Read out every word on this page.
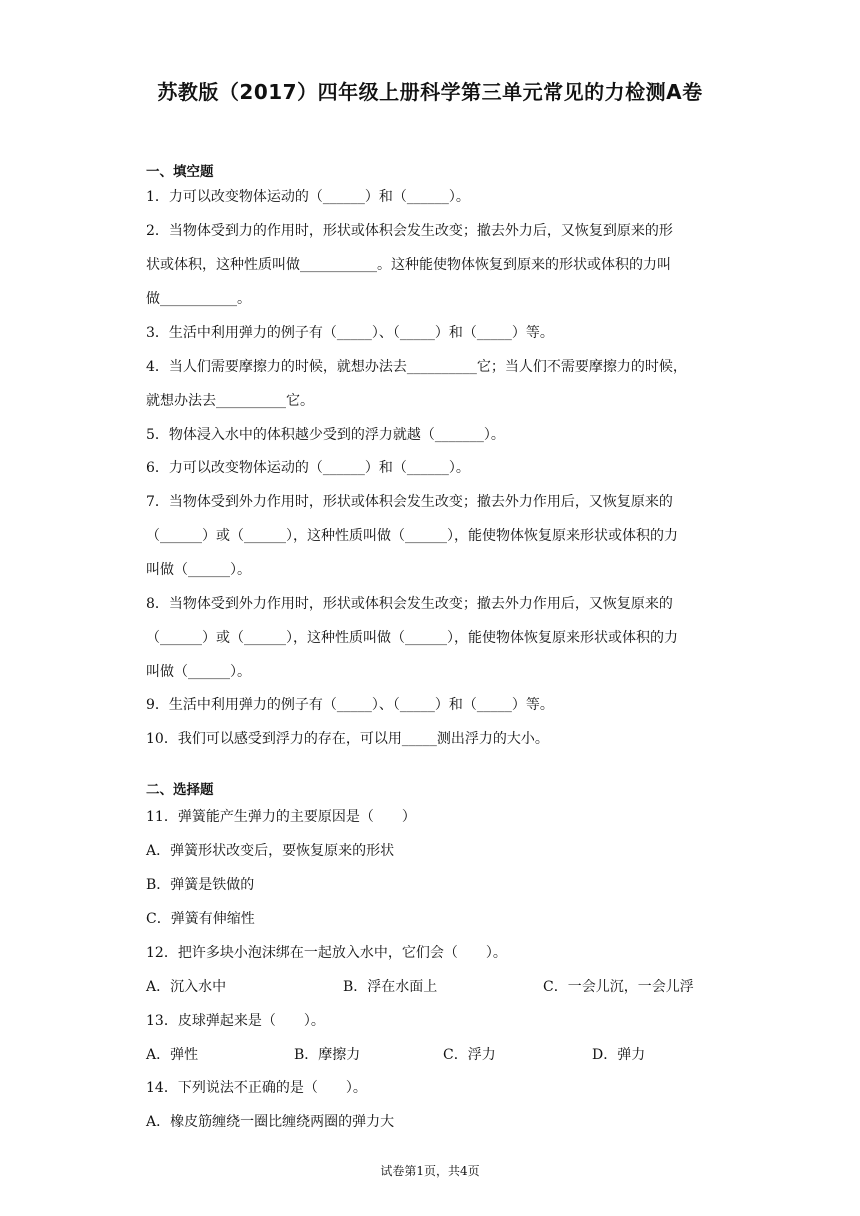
苏教版（2017）四年级上册科学第三单元常见的力检测A卷
一、填空题
1．力可以改变物体运动的（______）和（______）。
2．当物体受到力的作用时，形状或体积会发生改变；撤去外力后，又恢复到原来的形
状或体积，这种性质叫做___________。这种能使物体恢复到原来的形状或体积的力叫
做___________。
3．生活中利用弹力的例子有（_____）、（_____）和（_____）等。
4．当人们需要摩擦力的时候，就想办法去__________它；当人们不需要摩擦力的时候，
就想办法去__________它。
5．物体浸入水中的体积越少受到的浮力就越（_______）。
6．力可以改变物体运动的（______）和（______）。
7．当物体受到外力作用时，形状或体积会发生改变；撤去外力作用后，又恢复原来的
（______）或（______），这种性质叫做（______），能使物体恢复原来形状或体积的力
叫做（______）。
8．当物体受到外力作用时，形状或体积会发生改变；撤去外力作用后，又恢复原来的
（______）或（______），这种性质叫做（______），能使物体恢复原来形状或体积的力
叫做（______）。
9．生活中利用弹力的例子有（_____）、（_____）和（_____）等。
10．我们可以感受到浮力的存在，可以用_____测出浮力的大小。
二、选择题
11．弹簧能产生弹力的主要原因是（　　）
A．弹簧形状改变后，要恢复原来的形状
B．弹簧是铁做的
C．弹簧有伸缩性
12．把许多块小泡沫绑在一起放入水中，它们会（　　）。
A．沉入水中	B．浮在水面上	C．一会儿沉，一会儿浮
13．皮球弹起来是（　　）。
A．弹性	B．摩擦力	C．浮力	D．弹力
14．下列说法不正确的是（　　）。
A．橡皮筋缠绕一圈比缠绕两圈的弹力大
试卷第1页，共4页
